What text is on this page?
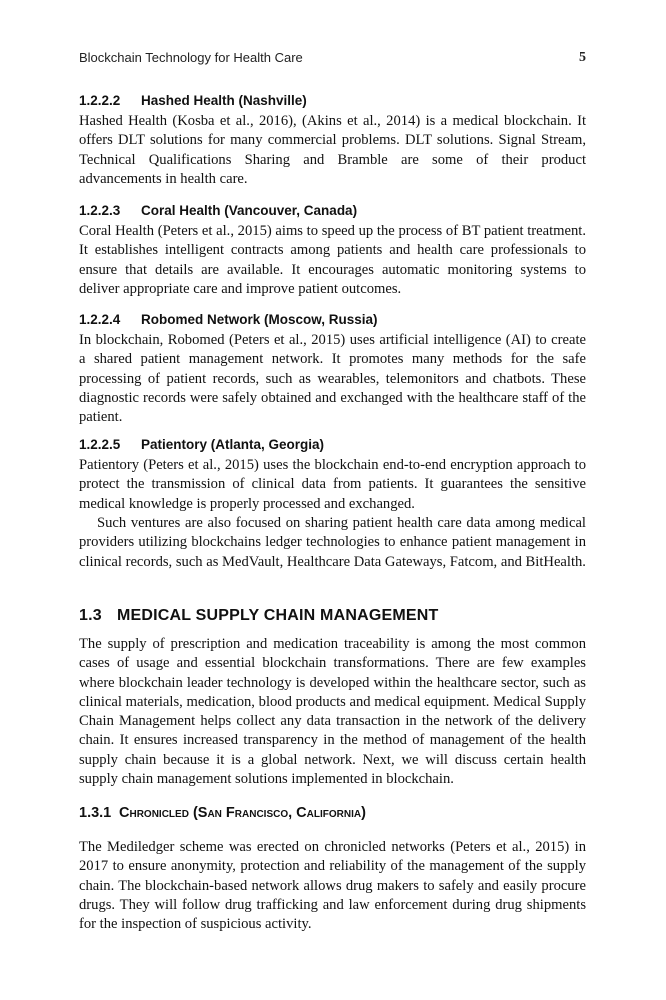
Blockchain Technology for Health Care	5
1.2.2.2 Hashed Health (Nashville)

Hashed Health (Kosba et al., 2016), (Akins et al., 2014) is a medical blockchain. It offers DLT solutions for many commercial problems. DLT solutions. Signal Stream, Technical Qualifications Sharing and Bramble are some of their product advancements in health care.

1.2.2.3 Coral Health (Vancouver, Canada)

Coral Health (Peters et al., 2015) aims to speed up the process of BT patient treatment. It establishes intelligent contracts among patients and health care professionals to ensure that details are available. It encourages automatic monitoring systems to deliver appropriate care and improve patient outcomes.

1.2.2.4 Robomed Network (Moscow, Russia)

In blockchain, Robomed (Peters et al., 2015) uses artificial intelligence (AI) to create a shared patient management network. It promotes many methods for the safe processing of patient records, such as wearables, telemonitors and chatbots. These diagnostic records were safely obtained and exchanged with the healthcare staff of the patient.

1.2.2.5 Patientory (Atlanta, Georgia)

Patientory (Peters et al., 2015) uses the blockchain end-to-end encryption approach to protect the transmission of clinical data from patients. It guarantees the sensitive medical knowledge is properly processed and exchanged.

Such ventures are also focused on sharing patient health care data among medical providers utilizing blockchains ledger technologies to enhance patient management in clinical records, such as MedVault, Healthcare Data Gateways, Fatcom, and BitHealth.

1.3 MEDICAL SUPPLY CHAIN MANAGEMENT

The supply of prescription and medication traceability is among the most common cases of usage and essential blockchain transformations. There are few examples where blockchain leader technology is developed within the healthcare sector, such as clinical materials, medication, blood products and medical equipment. Medical Supply Chain Management helps collect any data transaction in the network of the delivery chain. It ensures increased transparency in the method of management of the health supply chain because it is a global network. Next, we will discuss certain health supply chain management solutions implemented in blockchain.

1.3.1 Chronicled (San Francisco, California)

The Mediledger scheme was erected on chronicled networks (Peters et al., 2015) in 2017 to ensure anonymity, protection and reliability of the management of the supply chain. The blockchain-based network allows drug makers to safely and easily procure drugs. They will follow drug trafficking and law enforcement during drug shipments for the inspection of suspicious activity.
